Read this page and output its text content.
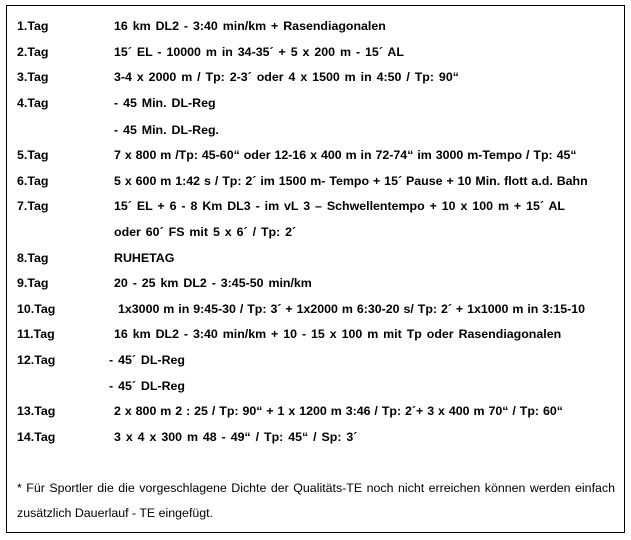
1.Tag	16 km DL2 - 3:40 min/km + Rasendiagonalen
2.Tag	15´ EL - 10000 m in 34-35´ + 5 x 200 m - 15´ AL
3.Tag	3-4 x 2000 m / Tp: 2-3´ oder 4 x 1500 m in 4:50 / Tp: 90“
4.Tag	- 45 Min. DL-Reg
- 45 Min. DL-Reg.
5.Tag	7 x 800 m /Tp: 45-60“ oder 12-16 x 400 m in 72-74“ im 3000 m-Tempo / Tp: 45“
6.Tag	5 x 600 m 1:42 s / Tp: 2´ im 1500 m- Tempo + 15´ Pause + 10 Min. flott a.d. Bahn
7.Tag	15´ EL + 6 - 8 Km DL3 - im vL 3 – Schwellentempo + 10 x 100 m + 15´ AL
oder 60´ FS mit 5 x 6´ / Tp: 2´
8.Tag	RUHETAG
9.Tag	20 - 25 km DL2 - 3:45-50 min/km
10.Tag	1x3000 m in 9:45-30 / Tp: 3´ + 1x2000 m 6:30-20 s/ Tp: 2´ + 1x1000 m in 3:15-10
11.Tag	16 km DL2 - 3:40 min/km + 10 - 15 x 100 m mit Tp oder Rasendiagonalen
12.Tag	- 45´ DL-Reg
- 45´ DL-Reg
13.Tag	2 x 800 m 2 : 25 / Tp: 90“ + 1 x 1200 m 3:46 / Tp: 2´+ 3 x 400 m 70“ / Tp: 60“
14.Tag	3 x 4 x 300 m 48 - 49“ / Tp: 45“ / Sp: 3´
* Für Sportler die die vorgeschlagene Dichte der Qualitäts-TE noch nicht erreichen können werden einfach zusätzlich Dauerlauf - TE eingefügt.
